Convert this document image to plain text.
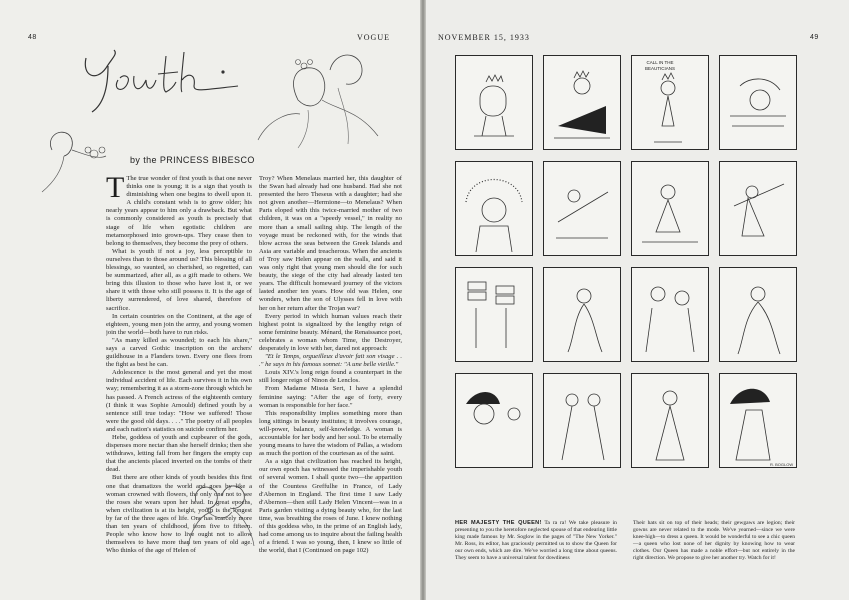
48	VOGUE
by the PRINCESS BIBESCO

T The true wonder of first youth is that one never thinks one is young; it is a sign that youth is diminishing when one begins to dwell upon it. A child's constant wish is to grow older; his nearly years appear to him only a drawback. But what is commonly considered as youth is precisely that stage of life when egotistic children are metamorphosed into grown-ups. They cease then to belong to themselves, they become the prey of others.

What is youth if not a joy, less perceptible to ourselves than to those around us? This blessing of all blessings, so vaunted, so cherished, so regretted, can be summarized, after all, as a gift made to others. We bring this illusion to those who have lost it, or we share it with those who still possess it. It is the age of liberty surrendered, of love shared, therefore of sacrifice.

In certain countries on the Continent, at the age of eighteen, young men join the army, and young women join the world—both have to run risks.

"As many killed as wounded; to each his share," says a carved Gothic inscription on the archers' guildhouse in a Flanders town. Every one flees from the fight as best he can.

Adolescence is the most general and yet the most individual accident of life. Each survives it in his own way; remembering it as a storm-zone through which he has passed. A French actress of the eighteenth century (I think it was Sophie Arnould) defined youth by a sentence still true today: "How we suffered! Those were the good old days. . . ." The poetry of all peoples and each nation's statistics on suicide confirm her.

Hebe, goddess of youth and cupbearer of the gods, dispenses more nectar than she herself drinks; then she withdraws, letting fall from her fingers the empty cup that the ancients placed inverted on the tombs of their dead.

But there are other kinds of youth besides this first one that dramatizes the world and goes by like a woman crowned with flowers, the only one not to see the roses she wears upon her head. In great epochs, when civilization is at its height, youth is the longest by far of the three ages of life. One has scarcely more than ten years of childhood, from five to fifteen. People who know how to live ought not to allow themselves to have more than ten years of old age. Who thinks of the age of Helen of

Troy? When Menelaus married her, this daughter of the Swan had already had one husband. Had she not presented the hero Theseus with a daughter; had she not given another—Hermione—to Menelaus? When Paris eloped with this twice-married mother of two children, it was on a "speedy vessel," in reality no more than a small sailing ship. The length of the voyage must be reckoned with, for the winds that blow across the seas between the Greek Islands and Asia are variable and treacherous. When the ancients of Troy saw Helen appear on the walls, and said it was only right that young men should die for such beauty, the siege of the city had already lasted ten years. The difficult homeward journey of the victors lasted another ten years. How old was Helen, one wonders, when the son of Ulysses fell in love with her on her return after the Trojan war?

Every period in which human values reach their highest point is signalized by the lengthy reign of some feminine beauty. Ménard, the Renaissance poet, celebrates a woman whom Time, the Destroyer, desperately in love with her, dared not approach:

"Et le Temps, orgueilleux d'avoir fait son visage . . ." he says in his famous sonnet: "A une belle vieille."

Louis XIV.'s long reign found a counterpart in the still longer reign of Ninon de Lenclos.

From Madame Missia Sert, I have a splendid feminine saying: "After the age of forty, every woman is responsible for her face."

This responsibility implies something more than long sittings in beauty institutes; it involves courage, will-power, balance, self-knowledge. A woman is accountable for her body and her soul. To be eternally young means to have the wisdom of Pallas, a wisdom as much the portion of the courtesan as of the saint.

As a sign that civilization has reached its height, our own epoch has witnessed the imperishable youth of several women. I shall quote two—the apparition of the Countess Greffulhe in France, of Lady d'Abernon in England. The first time I saw Lady d'Abernon—then still Lady Helen Vincent—was in a Paris garden visiting a dying beauty who, for the last time, was breathing the roses of June. I knew nothing of this goddess who, in the prime of an English lady, had come among us to inquire about the failing health of a friend. I was so young, then, I knew so little of the world, that I (Continued on page 102)

NOVEMBER 15, 1933	49
CALL IN THE BEAUTICIANS
R. BOGLOW
HER MAJESTY THE QUEEN! Ta ra ra! We take pleasure in presenting to you the heretofore neglected spouse of that endearing little king made famous by Mr. Soglow in the pages of "The New Yorker." Mr. Ross, its editor, has graciously permitted us to show the Queen for our own ends, which are dire. We've worried a long time about queens. They seem to have a universal talent for dowdiness
Their hats sit on top of their heads; their gewgaws are legion; their gowns are never related to the mode. We've yearned—since we were knee-high—to dress a queen. It would be wonderful to see a chic queen—a queen who lost none of her dignity by knowing how to wear clothes. Our Queen has made a noble effort—but not entirely in the right direction. We propose to give her another try. Watch for it!
